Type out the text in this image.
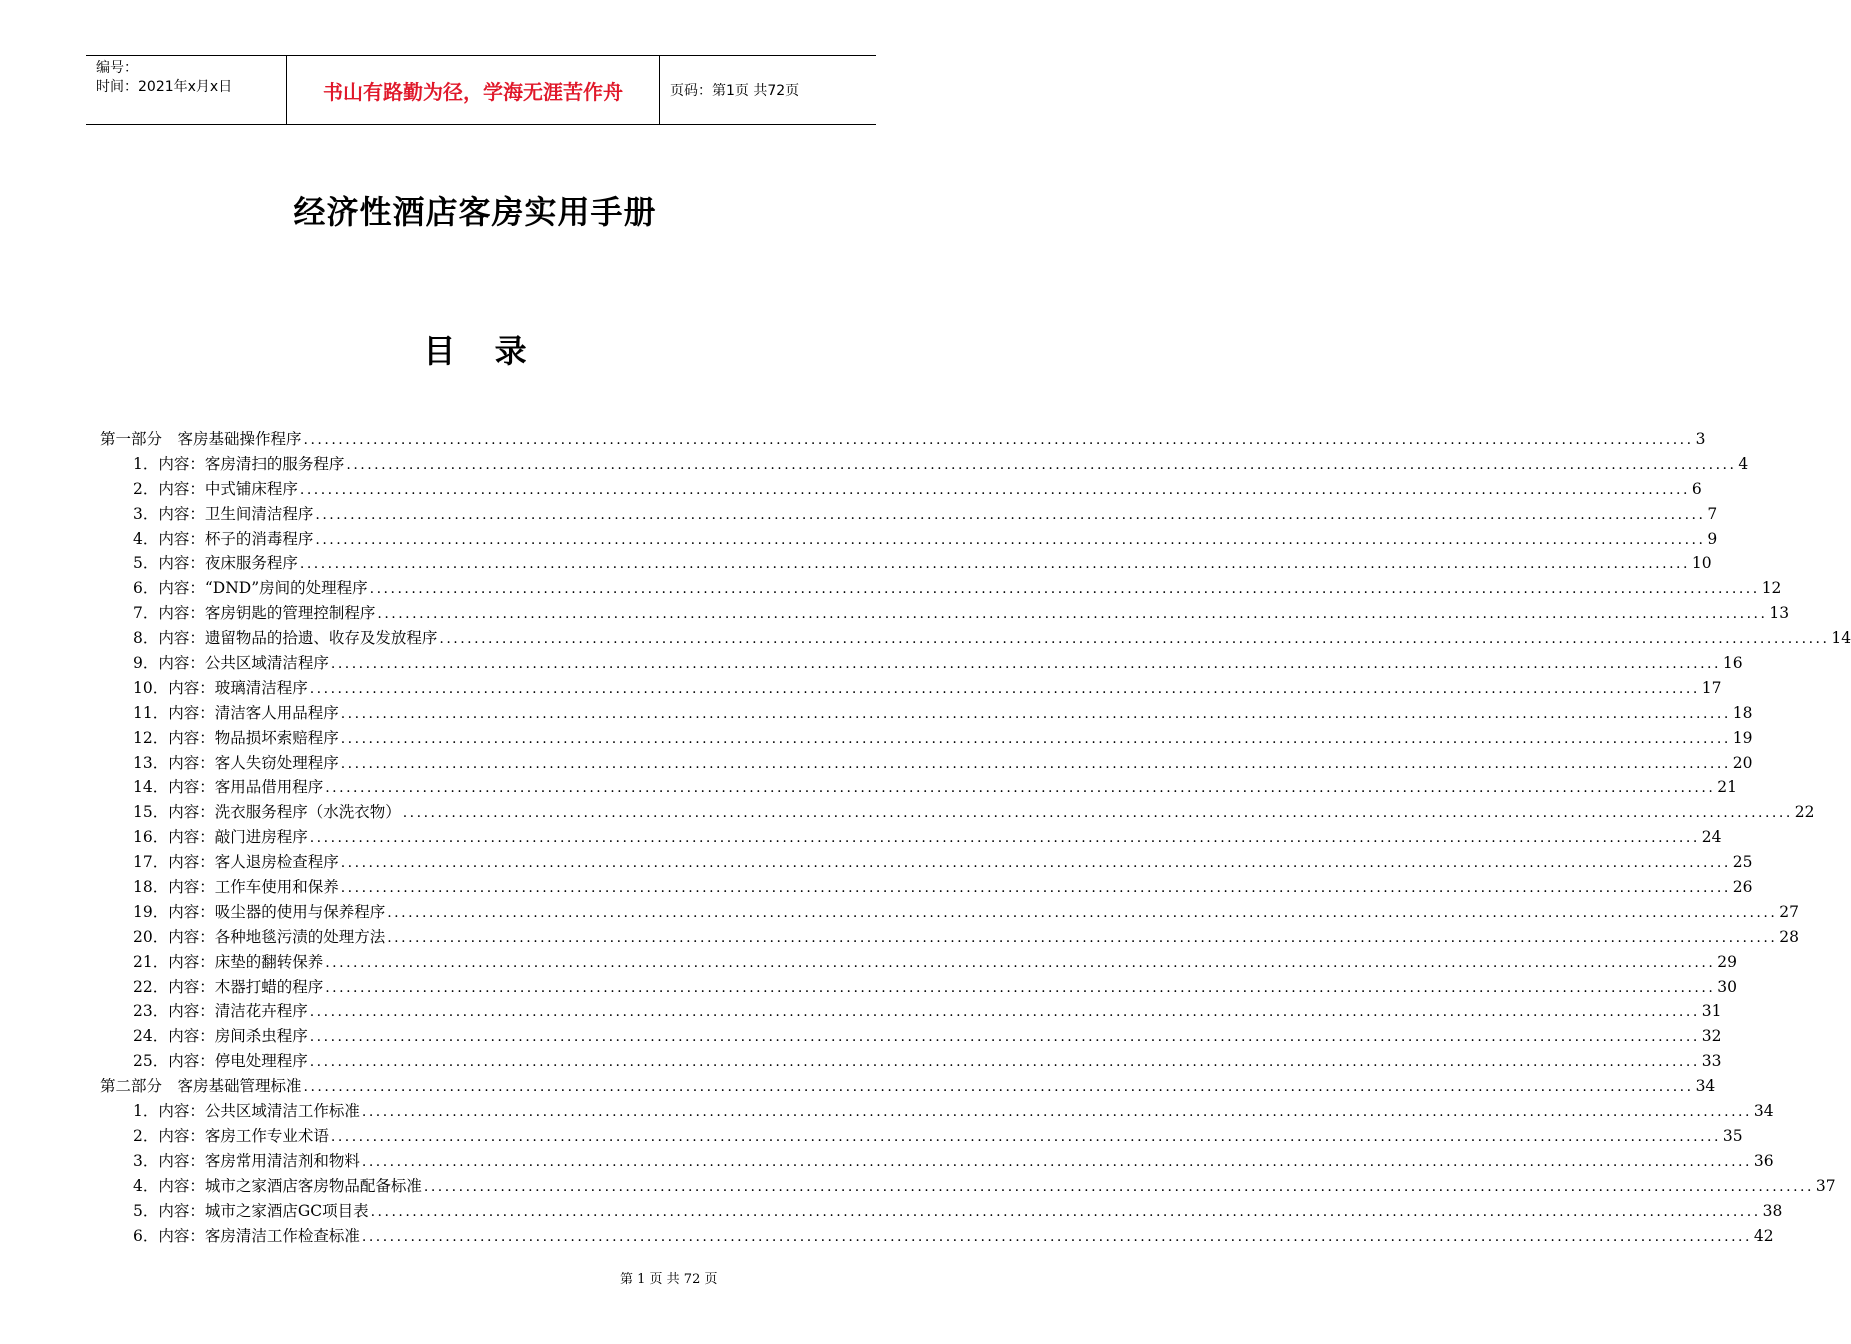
编号：
时间：2021年x月x日	书山有路勤为径，学海无涯苦作舟	页码：第1页 共72页
经济性酒店客房实用手册
目 录
第一部分　客房基础操作程序 ........................................................................................................................................................................................................ 3
1．内容：客房清扫的服务程序 ........................................................................................................................................................................................................ 4
2．内容：中式铺床程序 ........................................................................................................................................................................................................ 6
3．内容：卫生间清洁程序 ........................................................................................................................................................................................................ 7
4．内容：杯子的消毒程序 ........................................................................................................................................................................................................ 9
5．内容：夜床服务程序 ........................................................................................................................................................................................................ 10
6．内容：“DND”房间的处理程序 ........................................................................................................................................................................................................ 12
7．内容：客房钥匙的管理控制程序 ........................................................................................................................................................................................................ 13
8．内容：遗留物品的拾遗、收存及发放程序 ........................................................................................................................................................................................................ 14
9．内容：公共区域清洁程序 ........................................................................................................................................................................................................ 16
10．内容：玻璃清洁程序 ........................................................................................................................................................................................................ 17
11．内容：清洁客人用品程序 ........................................................................................................................................................................................................ 18
12．内容：物品损坏索赔程序 ........................................................................................................................................................................................................ 19
13．内容：客人失窃处理程序 ........................................................................................................................................................................................................ 20
14．内容：客用品借用程序 ........................................................................................................................................................................................................ 21
15．内容：洗衣服务程序（水洗衣物） ........................................................................................................................................................................................................ 22
16．内容：敲门进房程序 ........................................................................................................................................................................................................ 24
17．内容：客人退房检查程序 ........................................................................................................................................................................................................ 25
18．内容：工作车使用和保养 ........................................................................................................................................................................................................ 26
19．内容：吸尘器的使用与保养程序 ........................................................................................................................................................................................................ 27
20．内容：各种地毯污渍的处理方法 ........................................................................................................................................................................................................ 28
21．内容：床垫的翻转保养 ........................................................................................................................................................................................................ 29
22．内容：木器打蜡的程序 ........................................................................................................................................................................................................ 30
23．内容：清洁花卉程序 ........................................................................................................................................................................................................ 31
24．内容：房间杀虫程序 ........................................................................................................................................................................................................ 32
25．内容：停电处理程序 ........................................................................................................................................................................................................ 33
第二部分　客房基础管理标准 ........................................................................................................................................................................................................ 34
1．内容：公共区域清洁工作标准 ........................................................................................................................................................................................................ 34
2．内容：客房工作专业术语 ........................................................................................................................................................................................................ 35
3．内容：客房常用清洁剂和物料 ........................................................................................................................................................................................................ 36
4．内容：城市之家酒店客房物品配备标准 ........................................................................................................................................................................................................ 37
5．内容：城市之家酒店GC项目表 ........................................................................................................................................................................................................ 38
6．内容：客房清洁工作检查标准 ........................................................................................................................................................................................................ 42
第 1 页 共 72 页
